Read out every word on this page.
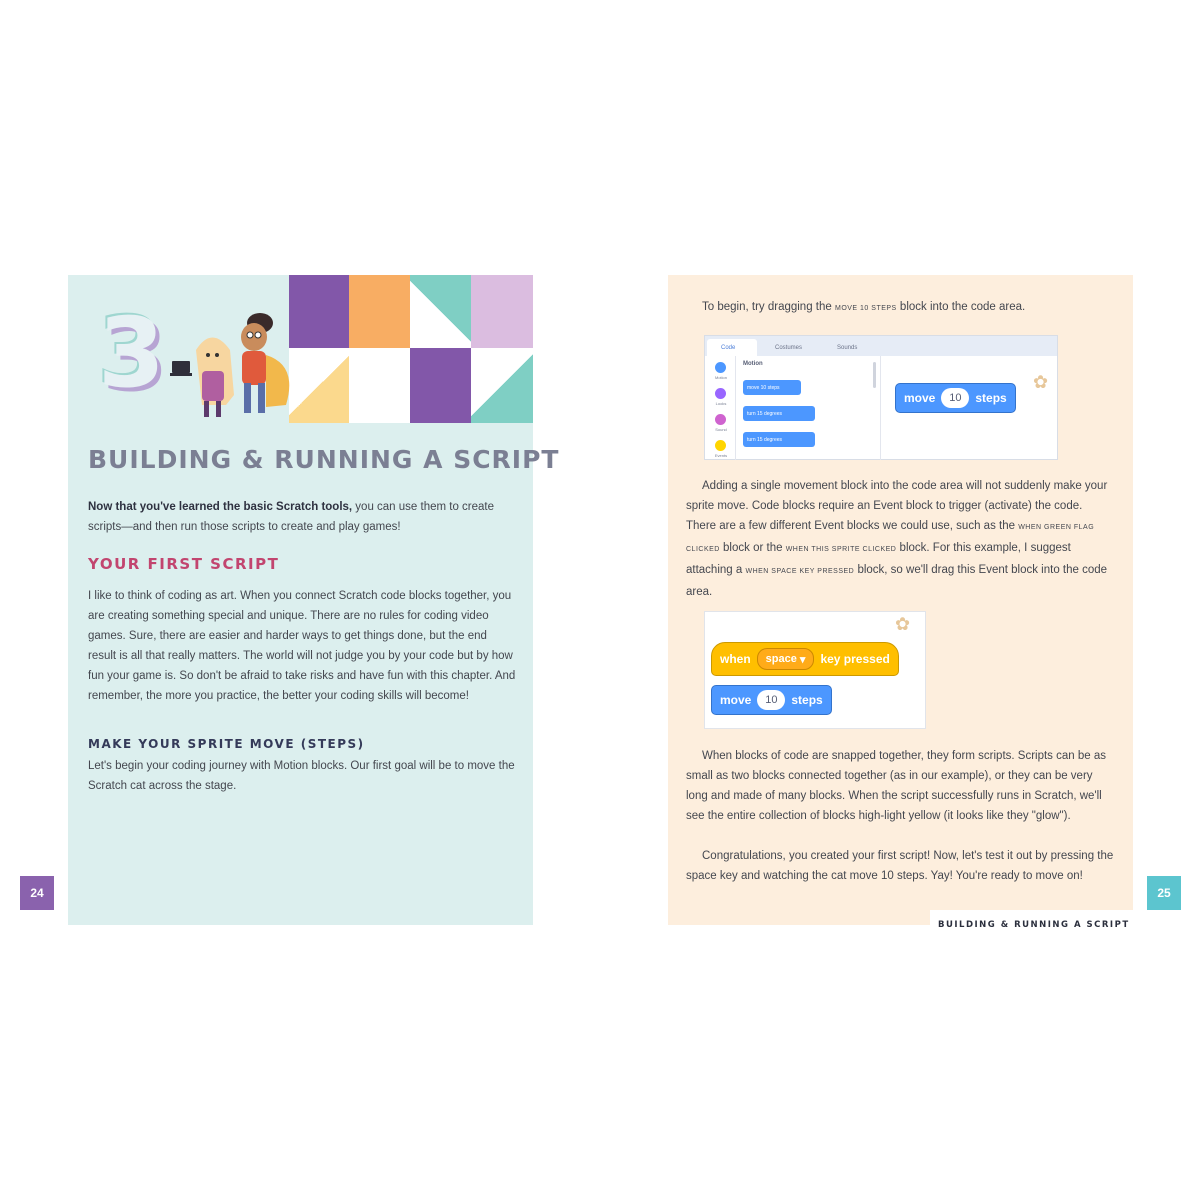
3
BUILDING & RUNNING A SCRIPT

Now that you've learned the basic Scratch tools, you can use them to create scripts—and then run those scripts to create and play games!

YOUR FIRST SCRIPT

I like to think of coding as art. When you connect Scratch code blocks together, you are creating something special and unique. There are no rules for coding video games. Sure, there are easier and harder ways to get things done, but the end result is all that really matters. The world will not judge you by your code but by how fun your game is. So don't be afraid to take risks and have fun with this chapter. And remember, the more you practice, the better your coding skills will become!

MAKE YOUR SPRITE MOVE (STEPS)

Let's begin your coding journey with Motion blocks. Our first goal will be to move the Scratch cat across the stage.

24

To begin, try dragging the MOVE 10 STEPS block into the code area.

Code	Costumes	Sounds
Motion
Looks
Sound
Events
Motion
move 10 steps
turn 15 degrees
turn 15 degrees
move	10	steps
✿

Adding a single movement block into the code area will not suddenly make your sprite move. Code blocks require an Event block to trigger (activate) the code. There are a few different Event blocks we could use, such as the WHEN GREEN FLAG CLICKED block or the WHEN THIS SPRITE CLICKED block. For this example, I suggest attaching a WHEN SPACE KEY PRESSED block, so we'll drag this Event block into the code area.

when space ▾	key pressed
move	10	steps
✿

When blocks of code are snapped together, they form scripts. Scripts can be as small as two blocks connected together (as in our example), or they can be very long and made of many blocks. When the script successfully runs in Scratch, we'll see the entire collection of blocks high-light yellow (it looks like they "glow").

Congratulations, you created your first script! Now, let's test it out by pressing the space key and watching the cat move 10 steps. Yay! You're ready to move on!

25
BUILDING & RUNNING A SCRIPT
